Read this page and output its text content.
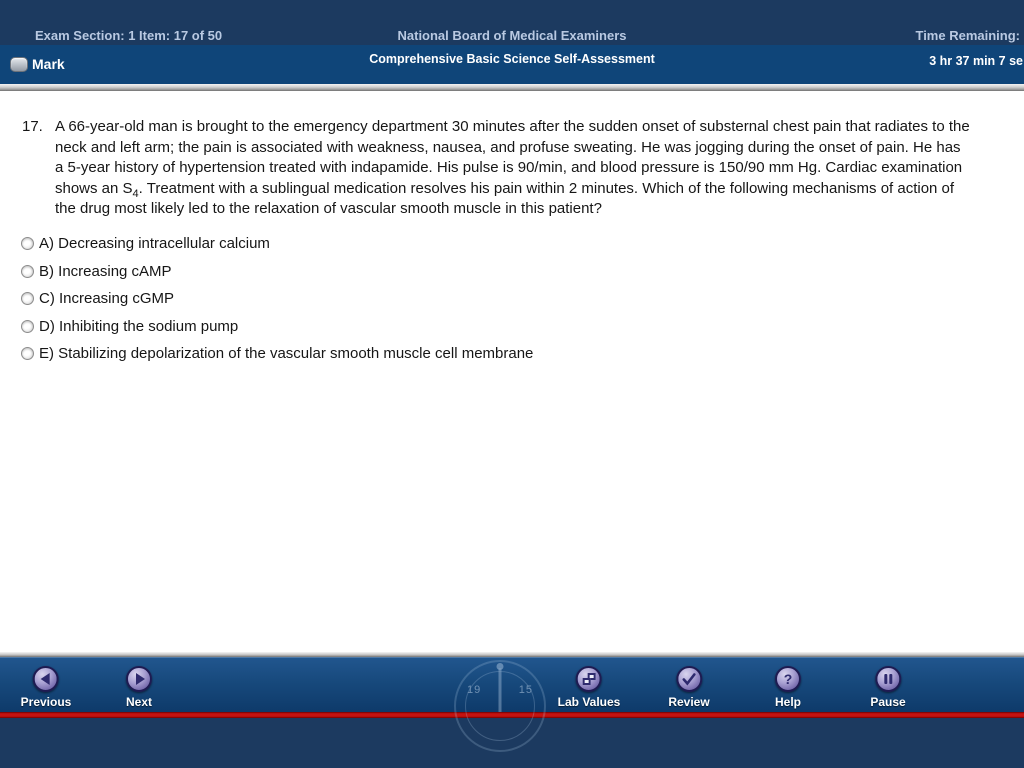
Exam Section: 1 Item: 17 of 50	National Board of Medical Examiners	Time Remaining:
Mark	Comprehensive Basic Science Self-Assessment	3 hr 37 min 7 se
17. A 66-year-old man is brought to the emergency department 30 minutes after the sudden onset of substernal chest pain that radiates to the neck and left arm; the pain is associated with weakness, nausea, and profuse sweating. He was jogging during the onset of pain. He has a 5-year history of hypertension treated with indapamide. His pulse is 90/min, and blood pressure is 150/90 mm Hg. Cardiac examination shows an $S_4$. Treatment with a sublingual medication resolves his pain within 2 minutes. Which of the following mechanisms of action of the drug most likely led to the relaxation of vascular smooth muscle in this patient?
A) Decreasing intracellular calcium
B) Increasing cAMP
C) Increasing cGMP
D) Inhibiting the sodium pump
E) Stabilizing depolarization of the vascular smooth muscle cell membrane
19	15
Previous	Next	Lab Values	Review
?
Help	Pause
